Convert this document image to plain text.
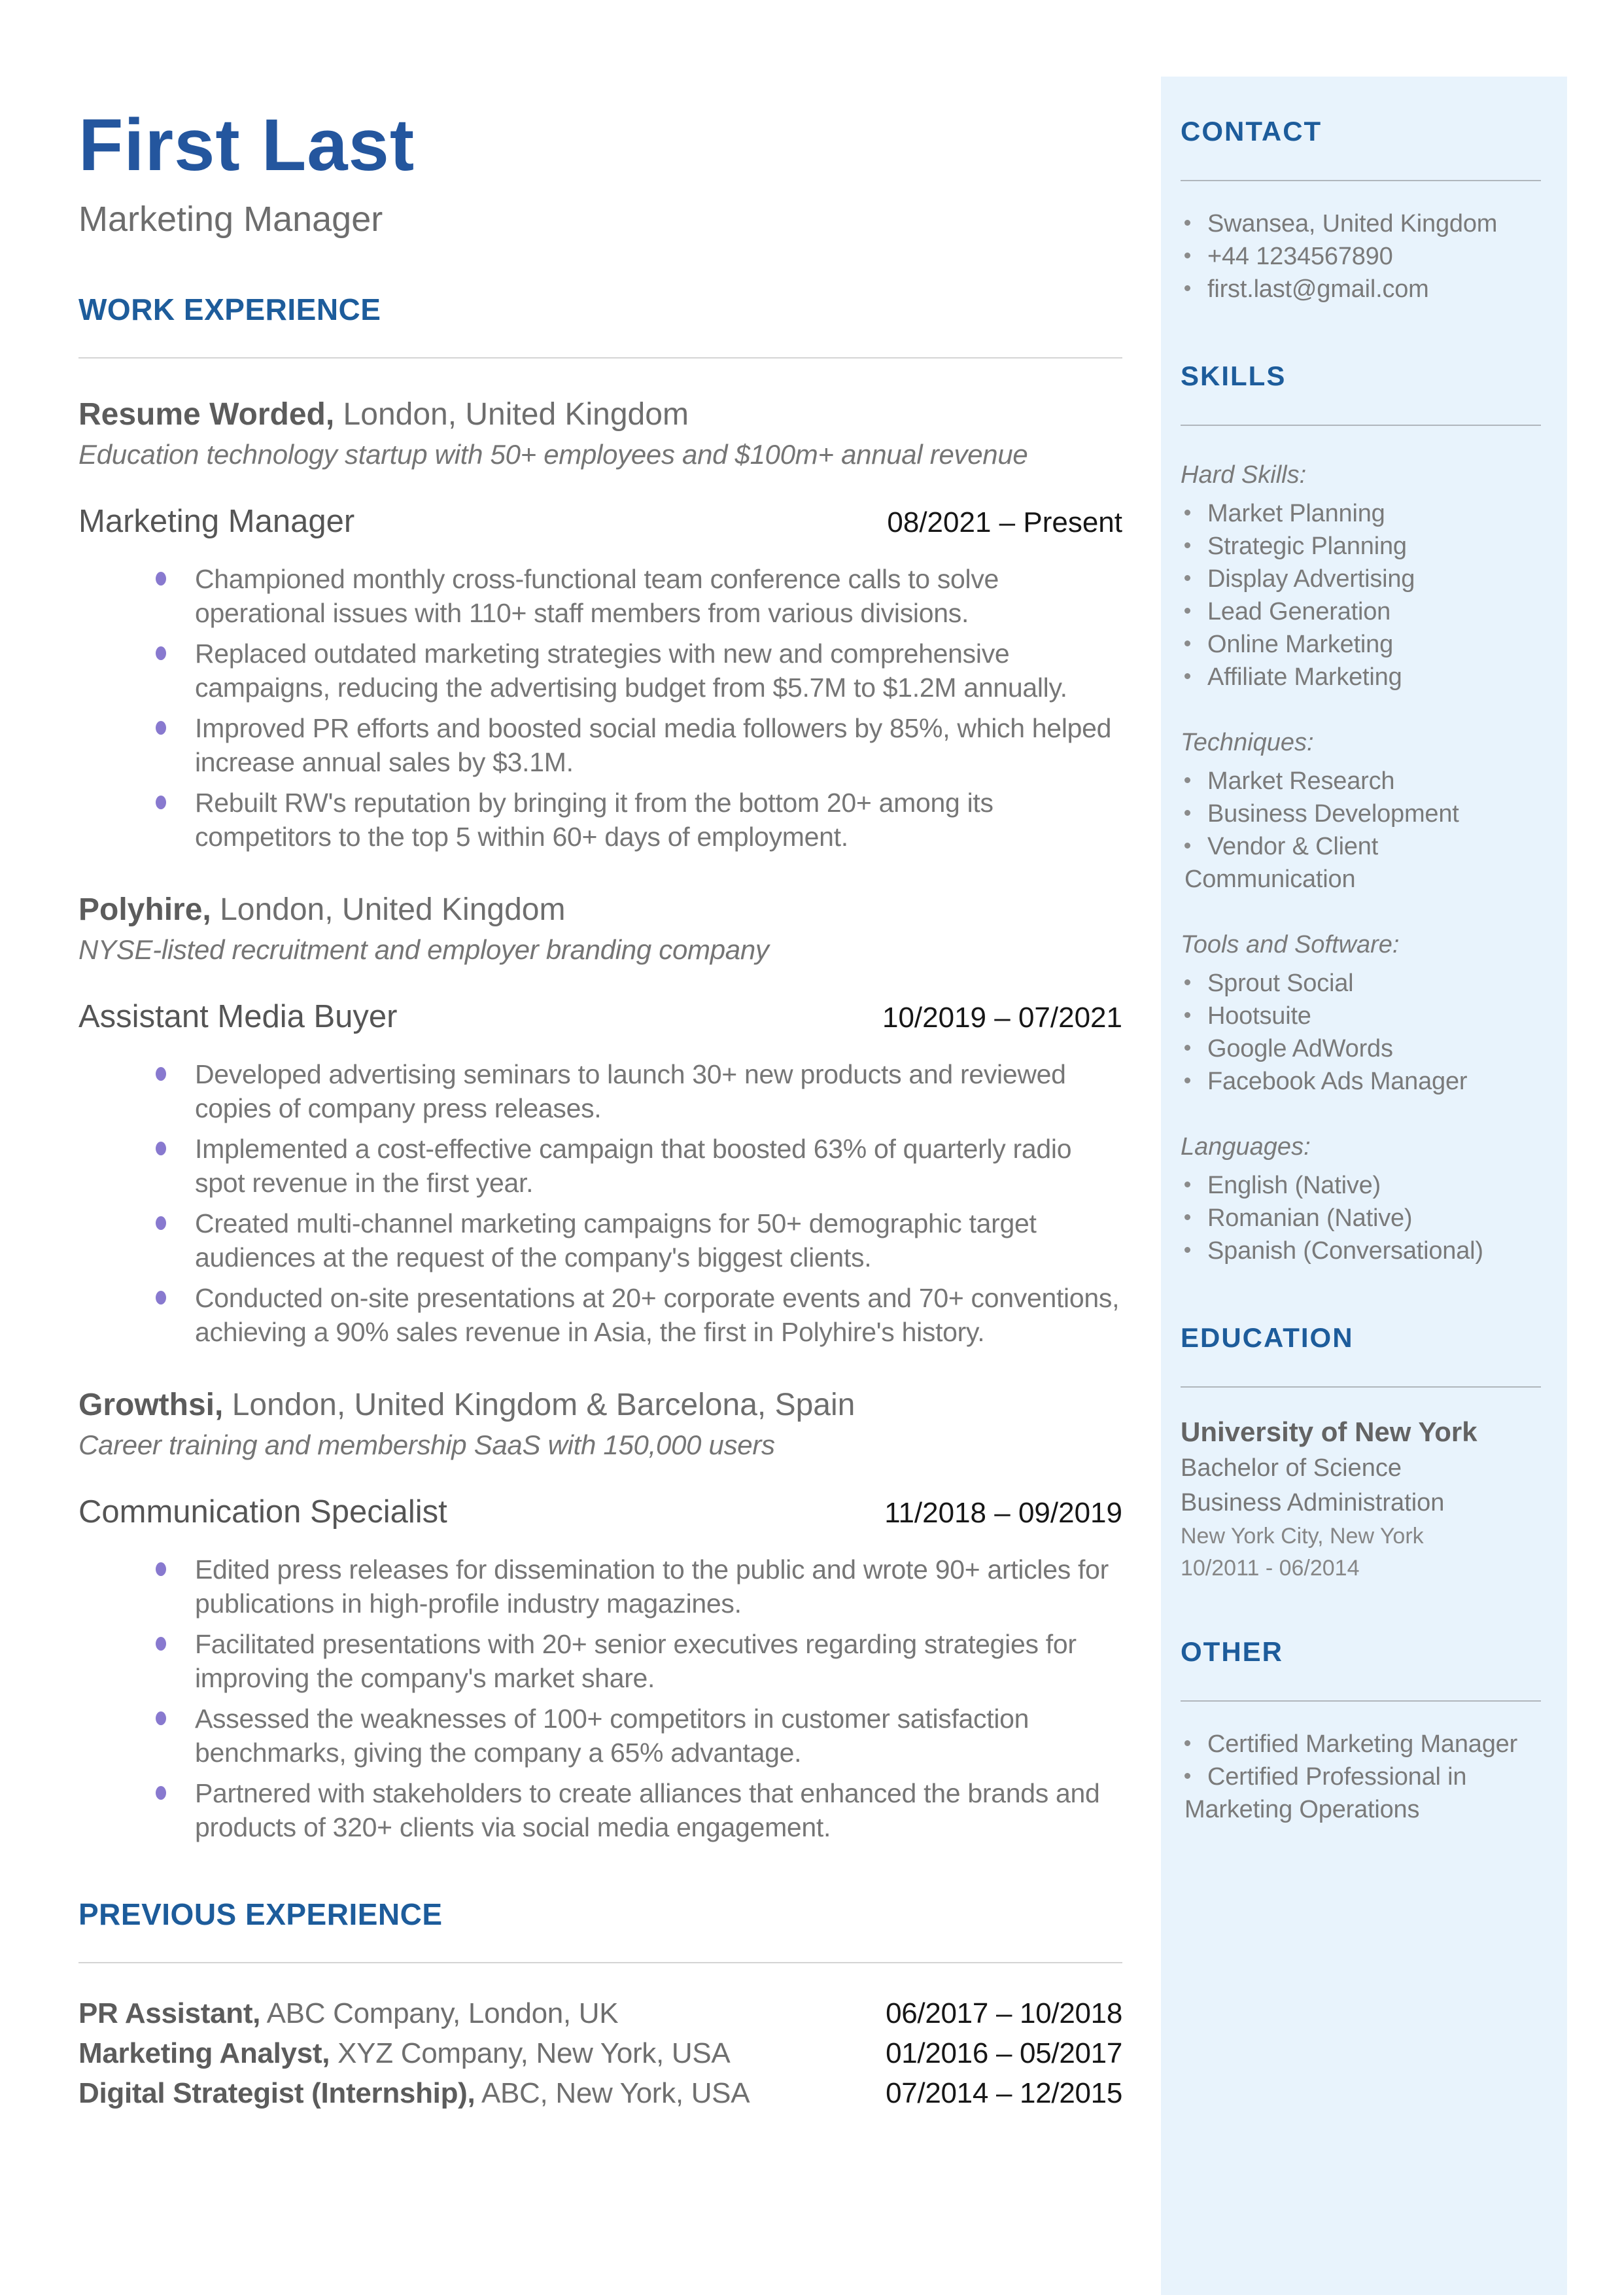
First Last
Marketing Manager
WORK EXPERIENCE
Resume Worded, London, United Kingdom
Education technology startup with 50+ employees and $100m+ annual revenue
Marketing Manager	08/2021 – Present
Championed monthly cross-functional team conference calls to solve operational issues with 110+ staff members from various divisions.
Replaced outdated marketing strategies with new and comprehensive campaigns, reducing the advertising budget from $5.7M to $1.2M annually.
Improved PR efforts and boosted social media followers by 85%, which helped increase annual sales by $3.1M.
Rebuilt RW's reputation by bringing it from the bottom 20+ among its competitors to the top 5 within 60+ days of employment.
Polyhire, London, United Kingdom
NYSE-listed recruitment and employer branding company
Assistant Media Buyer	10/2019 – 07/2021
Developed advertising seminars to launch 30+ new products and reviewed copies of company press releases.
Implemented a cost-effective campaign that boosted 63% of quarterly radio spot revenue in the first year.
Created multi-channel marketing campaigns for 50+ demographic target audiences at the request of the company's biggest clients.
Conducted on-site presentations at 20+ corporate events and 70+ conventions, achieving a 90% sales revenue in Asia, the first in Polyhire's history.
Growthsi, London, United Kingdom & Barcelona, Spain
Career training and membership SaaS with 150,000 users
Communication Specialist	11/2018 – 09/2019
Edited press releases for dissemination to the public and wrote 90+ articles for publications in high-profile industry magazines.
Facilitated presentations with 20+ senior executives regarding strategies for improving the company's market share.
Assessed the weaknesses of 100+ competitors in customer satisfaction benchmarks, giving the company a 65% advantage.
Partnered with stakeholders to create alliances that enhanced the brands and products of 320+ clients via social media engagement.
PREVIOUS EXPERIENCE
PR Assistant, ABC Company, London, UK	06/2017 – 10/2018
Marketing Analyst, XYZ Company, New York, USA	01/2016 – 05/2017
Digital Strategist (Internship), ABC, New York, USA	07/2014 – 12/2015
CONTACT
Swansea, United Kingdom
+44 1234567890
first.last@gmail.com
SKILLS
Hard Skills:
Market Planning
Strategic Planning
Display Advertising
Lead Generation
Online Marketing
Affiliate Marketing
Techniques:
Market Research
Business Development
Vendor & Client Communication
Tools and Software:
Sprout Social
Hootsuite
Google AdWords
Facebook Ads Manager
Languages:
English (Native)
Romanian (Native)
Spanish (Conversational)
EDUCATION
University of New York
Bachelor of Science
Business Administration
New York City, New York
10/2011 - 06/2014
OTHER
Certified Marketing Manager
Certified Professional in Marketing Operations
